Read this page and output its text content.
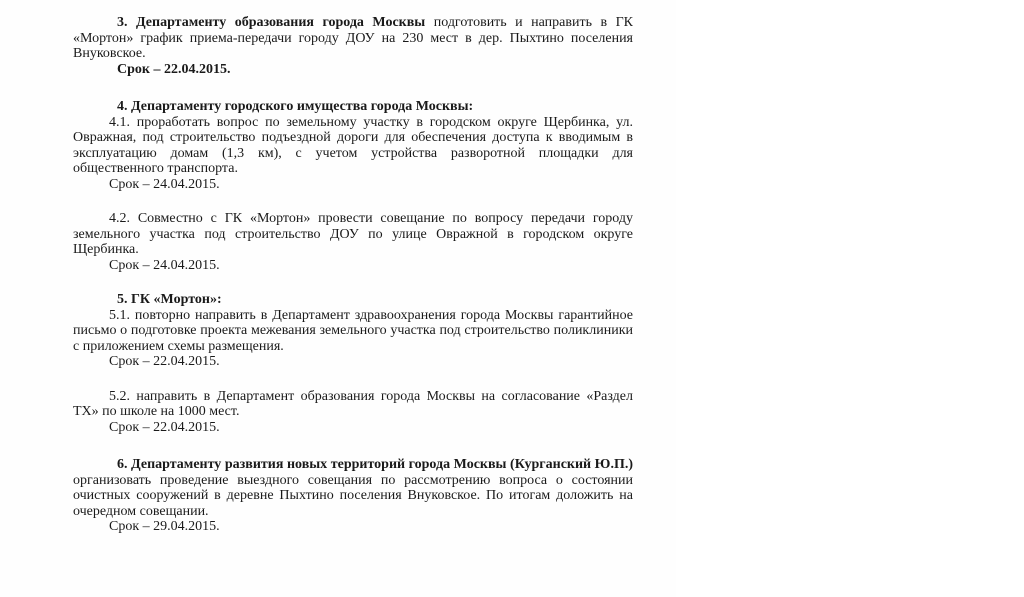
3. Департаменту образования города Москвы подготовить и направить в ГК «Мортон» график приема-передачи городу ДОУ на 230 мест в дер. Пыхтино поселения Внуковское.

Срок – 22.04.2015.

4. Департаменту городского имущества города Москвы:

4.1. проработать вопрос по земельному участку в городском округе Щербинка, ул. Овражная, под строительство подъездной дороги для обеспечения доступа к вводимым в эксплуатацию домам (1,3 км), с учетом устройства разворотной площадки для общественного транспорта.

Срок – 24.04.2015.

4.2. Совместно с ГК «Мортон» провести совещание по вопросу передачи городу земельного участка под строительство ДОУ по улице Овражной в городском округе Щербинка.

Срок – 24.04.2015.

5. ГК «Мортон»:

5.1. повторно направить в Департамент здравоохранения города Москвы гарантийное письмо о подготовке проекта межевания земельного участка под строительство поликлиники с приложением схемы размещения.

Срок – 22.04.2015.

5.2. направить в Департамент образования города Москвы на согласование «Раздел ТХ» по школе на 1000 мест.

Срок – 22.04.2015.

6. Департаменту развития новых территорий города Москвы (Курганский Ю.П.) организовать проведение выездного совещания по рассмотрению вопроса о состоянии очистных сооружений в деревне Пыхтино поселения Внуковское. По итогам доложить на очередном совещании.

Срок – 29.04.2015.
